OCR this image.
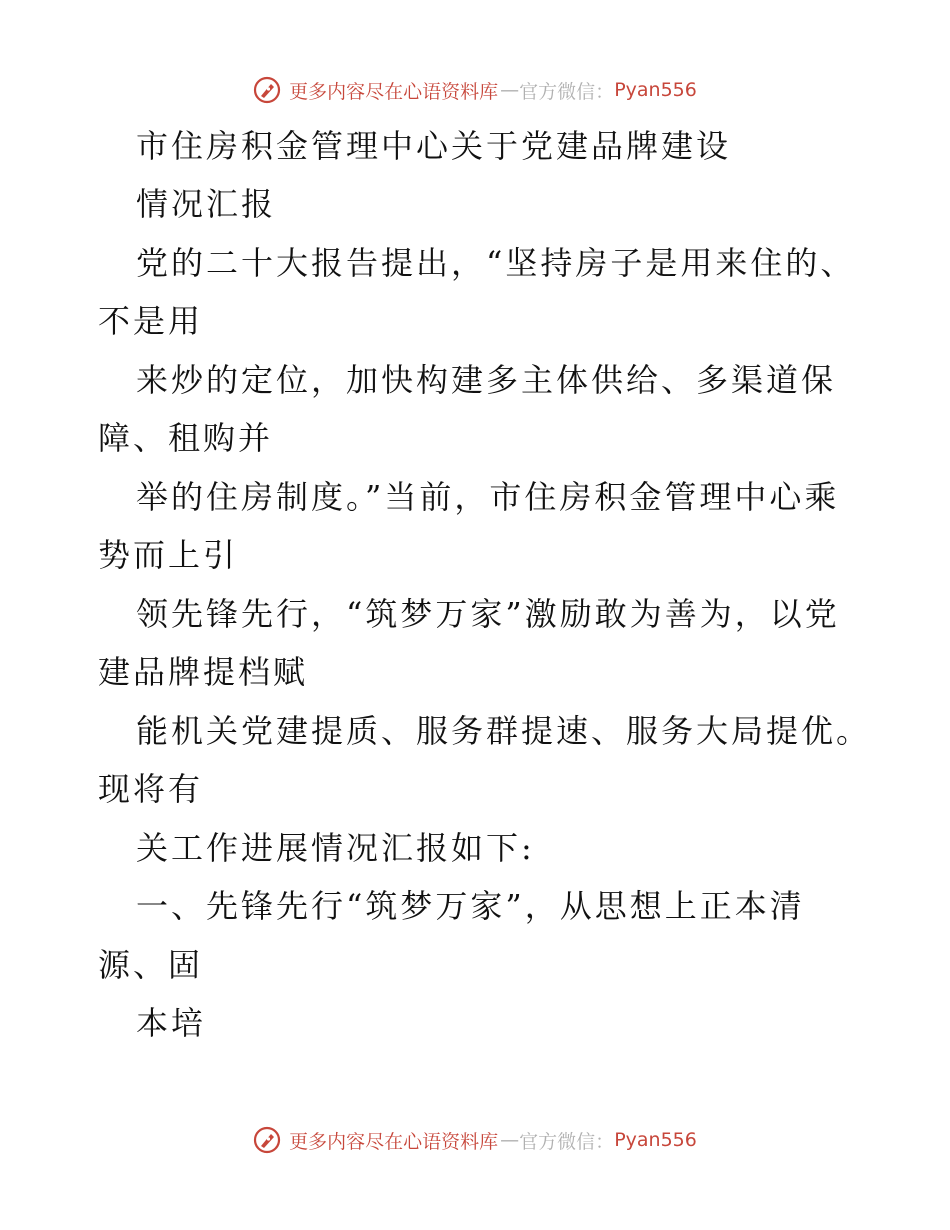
更多内容尽在心语资料库 — 官方微信： Pyan556
市住房积金管理中心关于党建品牌建设
情况汇报
党的二十大报告提出，“坚持房子是用来住的、
不是用
来炒的定位，加快构建多主体供给、多渠道保
障、租购并
举的住房制度。”当前，市住房积金管理中心乘
势而上引
领先锋先行，“筑梦万家”激励敢为善为，以党
建品牌提档赋
能机关党建提质、服务群提速、服务大局提优。
现将有
关工作进展情况汇报如下:
一、先锋先行“筑梦万家”，从思想上正本清
源、固
本培
更多内容尽在心语资料库 — 官方微信： Pyan556
